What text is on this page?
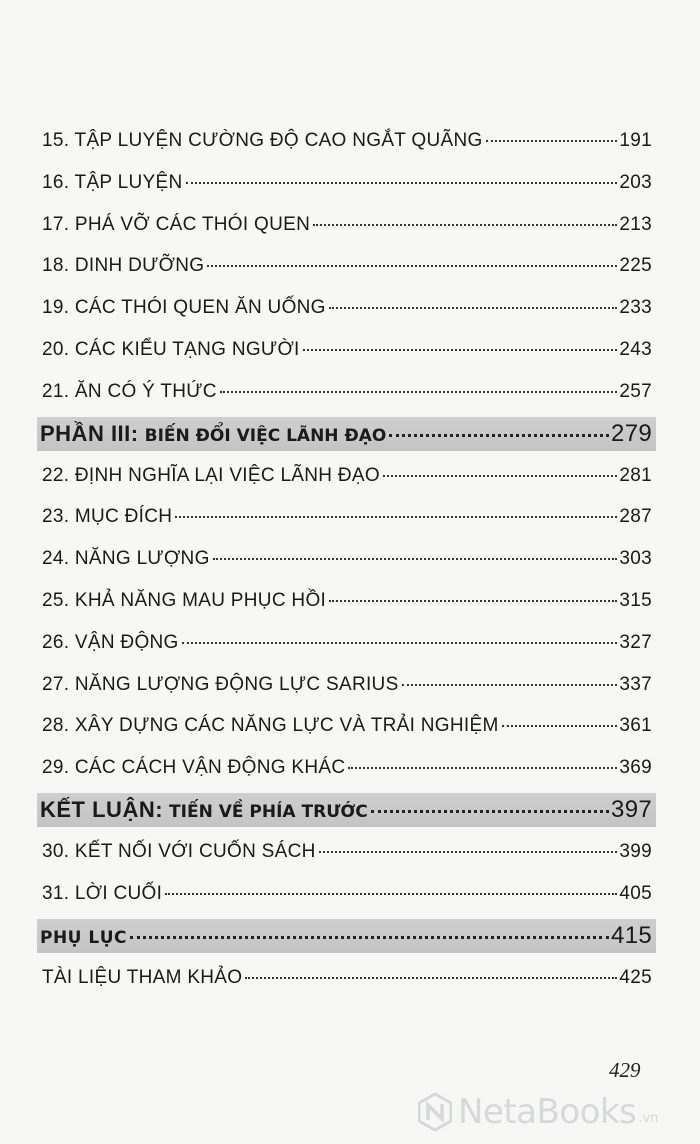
15. TẬP LUYỆN CƯỜNG ĐỘ CAO NGẮT QUÃNG	191
16. TẬP LUYỆN	203
17. PHÁ VỠ CÁC THÓI QUEN	213
18. DINH DƯỠNG	225
19. CÁC THÓI QUEN ĂN UỐNG	233
20. CÁC KIỂU TẠNG NGƯỜI	243
21. ĂN CÓ Ý THỨC	257
PHẦN III: BIẾN ĐỔI VIỆC LÃNH ĐẠO	279
22. ĐỊNH NGHĨA LẠI VIỆC LÃNH ĐẠO	281
23. MỤC ĐÍCH	287
24. NĂNG LƯỢNG	303
25. KHẢ NĂNG MAU PHỤC HỒI	315
26. VẬN ĐỘNG	327
27. NĂNG LƯỢNG ĐỘNG LỰC SARIUS	337
28. XÂY DỰNG CÁC NĂNG LỰC VÀ TRẢI NGHIỆM	361
29. CÁC CÁCH VẬN ĐỘNG KHÁC	369
KẾT LUẬN: TIẾN VỀ PHÍA TRƯỚC	397
30. KẾT NỐI VỚI CUỐN SÁCH	399
31. LỜI CUỐI	405
PHỤ LỤC	415
TÀI LIỆU THAM KHẢO	425
429
NetaBooks .vn
